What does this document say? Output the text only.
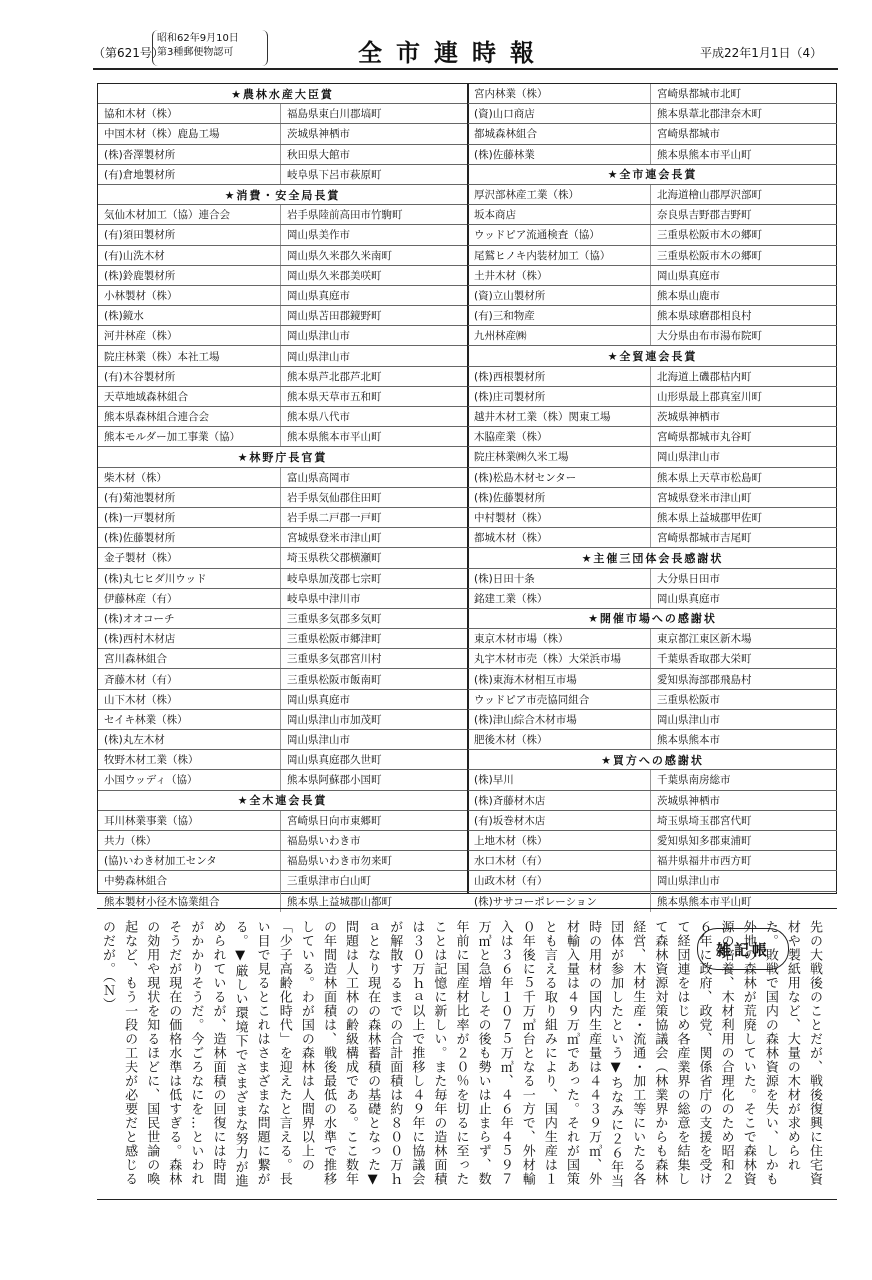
（第621号）
昭和62年9月10日
第3種郵便物認可	全市連時報	平成22年1月1日（4）
★農林水産大臣賞
協和木材（株）	福島県東白川郡塙町
中国木材（株）鹿島工場	茨城県神栖市
(株)沓澤製材所	秋田県大館市
(有)倉地製材所	岐阜県下呂市萩原町
★消費・安全局長賞
気仙木材加工（協）連合会	岩手県陸前高田市竹駒町
(有)須田製材所	岡山県美作市
(有)山洗木材	岡山県久米郡久米南町
(株)鈴鹿製材所	岡山県久米郡美咲町
小林製材（株）	岡山県真庭市
(株)鏡水	岡山県苫田郡鏡野町
河井林産（株）	岡山県津山市
院庄林業（株）本社工場	岡山県津山市
(有)木谷製材所	熊本県芦北郡芦北町
天草地域森林組合	熊本県天草市五和町
熊本県森林組合連合会	熊本県八代市
熊本モルダー加工事業（協）	熊本県熊本市平山町
★林野庁長官賞
柴木材（株）	富山県高岡市
(有)菊池製材所	岩手県気仙郡住田町
(株)一戸製材所	岩手県二戸郡一戸町
(株)佐藤製材所	宮城県登米市津山町
金子製材（株）	埼玉県秩父郡横瀬町
(株)丸七ヒダ川ウッド	岐阜県加茂郡七宗町
伊藤林産（有）	岐阜県中津川市
(株)オオコーチ	三重県多気郡多気町
(株)西村木材店	三重県松阪市郷津町
宮川森林組合	三重県多気郡宮川村
斉藤木材（有）	三重県松阪市飯南町
山下木材（株）	岡山県真庭市
セイキ林業（株）	岡山県津山市加茂町
(株)丸左木材	岡山県津山市
牧野木材工業（株）	岡山県真庭郡久世町
小国ウッディ（協）	熊本県阿蘇郡小国町
★全木連会長賞
耳川林業事業（協）	宮崎県日向市東郷町
共力（株）	福島県いわき市
(協)いわき材加工センタ	福島県いわき市勿来町
中勢森林組合	三重県津市白山町
熊本製材小径木協業組合	熊本県上益城郡山都町
宮内林業（株）	宮崎県都城市北町
(資)山口商店	熊本県葦北郡津奈木町
都城森林組合	宮崎県都城市
(株)佐藤林業	熊本県熊本市平山町
★全市連会長賞
厚沢部林産工業（株）	北海道檜山郡厚沢部町
坂本商店	奈良県吉野郡吉野町
ウッドピア流通検査（協）	三重県松阪市木の郷町
尾鷲ヒノキ内装材加工（協）	三重県松阪市木の郷町
土井木材（株）	岡山県真庭市
(資)立山製材所	熊本県山鹿市
(有)三和物産	熊本県球磨郡相良村
九州林産㈱	大分県由布市湯布院町
★全貿連会長賞
(株)西根製材所	北海道上磯郡枯内町
(株)庄司製材所	山形県最上郡真室川町
越井木材工業（株）関東工場	茨城県神栖市
木脇産業（株）	宮崎県都城市丸谷町
院庄林業㈱久米工場	岡山県津山市
(株)松島木材センター	熊本県上天草市松島町
(株)佐藤製材所	宮城県登米市津山町
中村製材（株）	熊本県上益城郡甲佐町
都城木材（株）	宮崎県都城市吉尾町
★主催三団体会長感謝状
(株)日田十条	大分県日田市
銘建工業（株）	岡山県真庭市
★開催市場への感謝状
東京木材市場（株）	東京都江東区新木場
丸宇木材市売（株）大栄浜市場	千葉県香取郡大栄町
(株)東海木材相互市場	愛知県海部郡飛島村
ウッドピア市売協同組合	三重県松阪市
(株)津山綜合木材市場	岡山県津山市
肥後木材（株）	熊本県熊本市
★買方への感謝状
(株)早川	千葉県南房総市
(株)斉藤材木店	茨城県神栖市
(有)坂巻材木店	埼玉県埼玉郡宮代町
上地木材（株）	愛知県知多郡東浦町
水口木材（有）	福井県福井市西方町
山政木材（有）	岡山県津山市
(株)ササコーポレーション	熊本県熊本市平山町
雑記帳	先の大戦後のことだが、戦後復興に住宅資材や製紙用など、大量の木材が求められた。敗戦で国内の森林資源を失い、しかも外地の森林が荒廃していた。そこで森林資源の培養、木材利用の合理化のため昭和２６年に政府、政党、関係省庁の支援を受けて経団連をはじめ各産業界の総意を結集して森林資源対策協議会（林業界からも森林経営、木材生産・流通・加工等にいたる各団体が参加したという▼ちなみに２６年当時の用材の国内生産量は４４３９万㎥、外材輸入量は４９万㎥であった。それが国策とも言える取り組みにより、国内生産は１０年後に５千万㎥台となる一方で、外材輸入は３６年１０７５万㎥、４６年４５９７万㎥と急増しその後も勢いは止まらず、数年前に国産材比率が２０％を切るに至ったことは記憶に新しい。また毎年の造林面積は３０万ｈａ以上で推移し４９年に協議会が解散するまでの合計面積は約８００万ｈａとなり現在の森林蓄積の基礎となった▼問題は人工林の齢級構成である。ここ数年の年間造林面積は、戦後最低の水準で推移している。わが国の森林は人間界以上の「少子高齢化時代」を迎えたと言える。長い目で見るとこれはさまざまな問題に繋がる。▼厳しい環境下でさまざまな努力が進められているが、造林面積の回復には時間がかかりそうだ。今ごろなにを…といわれそうだが現在の価格水準は低すぎる。森林の効用や現状を知るほどに、国民世論の喚起など、もう一段の工夫が必要だと感じるのだが。（Ｎ）
